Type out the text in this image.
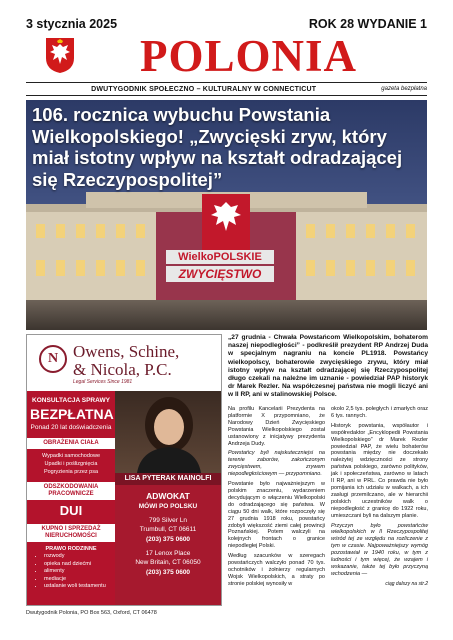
3 stycznia 2025	ROK 28 WYDANIE 1
POLONIA
DWUTYGODNIK SPOŁECZNO – KULTURALNY W CONNECTICUT	gazeta bezpłatna
106. rocznica wybuchu Powstania Wielkopolskiego! „Zwycięski zryw, który miał istotny wpływ na kształt odradzającej się Rzeczypospolitej”
WielkoPOLSKIE
ZWYCIĘSTWO
N Owens, Schine,
& Nicola, P.C.
Legal Services Since 1981
KONSULTACJA SPRAWY
BEZPŁATNA
Ponad 20 lat doświadczenia
OBRAŻENIA CIAŁA
Wypadki samochodowe
Upadki i poślizgnięcia
Pogryzienia przez psa
ODSZKODOWANIA PRACOWNICZE
DUI
KUPNO I SPRZEDAŻ NIERUCHOMOŚCI
PRAWO RODZINNE
• rozwody
• opieka nad dziećmi
• alimenty
• mediacje
• ustalanie woli testamentu
LISA PYTERAK MAINOLFI
ADWOKAT
MÓWI PO POLSKU
799 Silver Ln
Trumbull, CT 06611
(203) 375 0600
17 Lenox Place
New Britain, CT 06050
(203) 375 0600
„27 grudnia - Chwała Powstańcom Wielkopolskim, bohaterom naszej niepodległości” - podkreślił prezydent RP Andrzej Duda w specjalnym nagraniu na koncie PL1918. Powstańcy wielkopolscy, bohaterowie zwycięskiego zrywu, który miał istotny wpływ na kształt odradzającej się Rzeczypospolitej długo czekali na należne im uznanie - powiedział PAP historyk dr Marek Rezler. Na współczesnej państwa nie mogli liczyć ani w II RP, ani w stalinowskiej Polsce.

Na profilu Kancelarii Prezydenta na platformie X przypomniano, że Narodowy Dzień Zwycięskiego Powstania Wielkopolskiego został ustanowiony z inicjatywy prezydenta Andrzeja Dudy.

Powstańcy byli najskuteczniejsi na terenie zaborów, zakończonym zwycięstwem, zrywem niepodległościowym — przypomniano.

Powstanie było najważniejszym w polskim znaczeniu, wydarzeniem decydującym o włączeniu Wielkopolski do odradzającego się państwa. W ciągu 50 dni walk, które rozpoczęły się 27 grudnia 1918 roku, powstańcy zdobyli większość ziemi całej prowincji Poznańskiej. Potem walczyli na kolejnych frontach o granice niepodległej Polski.

Według szacunków w szeregach powstańczych walczyło ponad 70 tys. ochotników i żołnierzy regularnych Wojsk Wielkopolskich, a straty po stronie polskiej wynosiły w

okolo 2,5 tys. poległych i zmarłych oraz 6 tys. rannych.

Historyk powstania, współautor i współredaktor „Encyklopedii Powstania Wielkopolskiego” dr Marek Rezler powiedział PAP, że wielu bohaterów powstania między nie doczekało należytej wdzięczności ze strony państwa polskiego, zarówno polityków, jak i społeczeństwa, zarówno w latach II RP, ani w PRL. Co prawda nie było pomijania ich udziału w walkach, a ich zasługi przemilczano, ale w hierarchii polskich uczestników walk o niepodległość z granicę do 1922 roku, umieszczani byli na dalszym planie.

Przyczyn było powstańców wielkopolskich w II Rzeczypospolitej wśród tej ze względu na rozliczenie z tym w czasie. Najpoważniejszy wymóg pozostawiał w 1940 roku, w tym z ludności i tym więcej, że wzajem i wskazanie, także tej było przyczyną wchodzenia —

ciąg dalszy na str.2
Dwutygodnik Polonia, PO Box 563, Oxford, CT 06478
